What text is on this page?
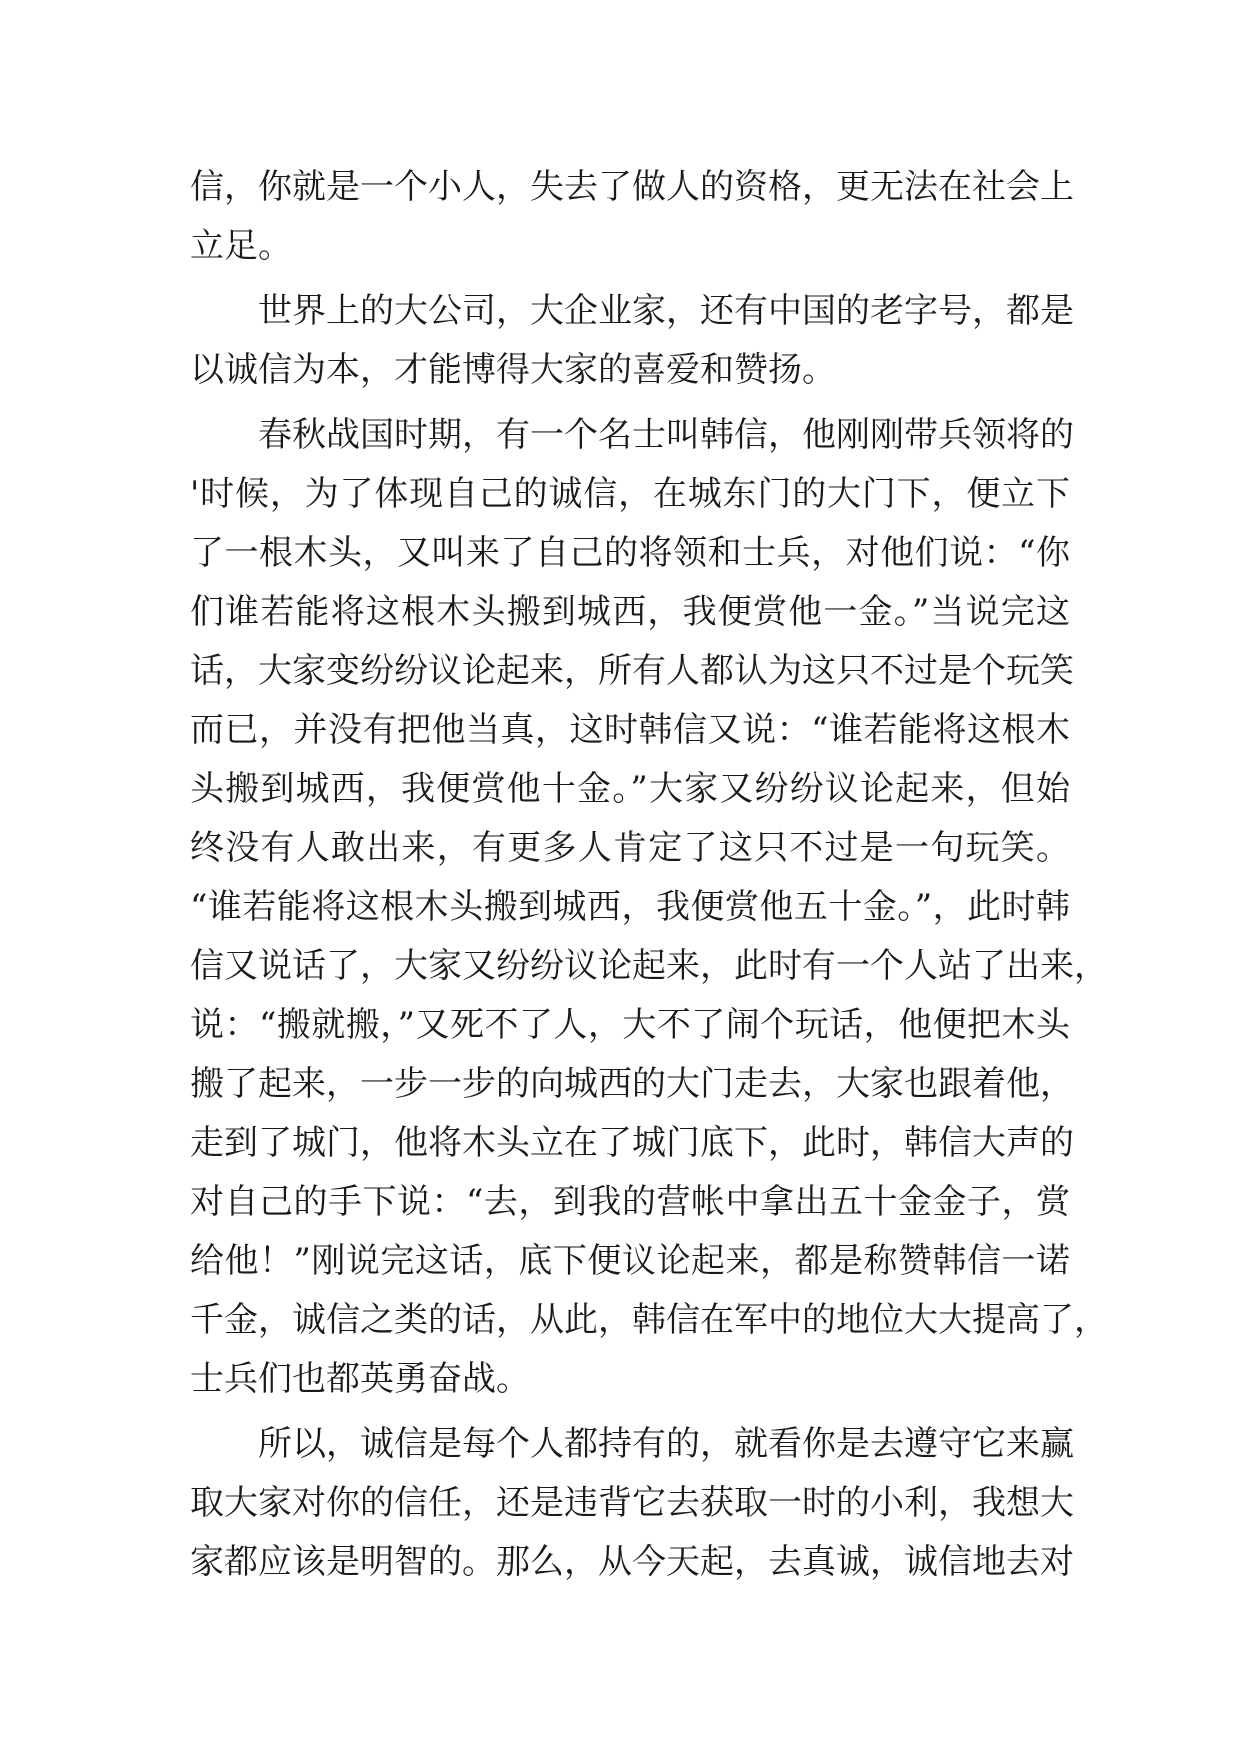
信，你就是一个小人，失去了做人的资格，更无法在社会上
立足。
世界上的大公司，大企业家，还有中国的老字号，都是
以诚信为本，才能博得大家的喜爱和赞扬。
春秋战国时期，有一个名士叫韩信，他刚刚带兵领将的
'时候，为了体现自己的诚信，在城东门的大门下，便立下
了一根木头，又叫来了自己的将领和士兵，对他们说：“你
们谁若能将这根木头搬到城西，我便赏他一金。”当说完这
话，大家变纷纷议论起来，所有人都认为这只不过是个玩笑
而已，并没有把他当真，这时韩信又说：“谁若能将这根木
头搬到城西，我便赏他十金。”大家又纷纷议论起来，但始
终没有人敢出来，有更多人肯定了这只不过是一句玩笑。
“谁若能将这根木头搬到城西，我便赏他五十金。”，此时韩
信又说话了，大家又纷纷议论起来，此时有一个人站了出来，
说：“搬就搬，”又死不了人，大不了闹个玩话，他便把木头
搬了起来，一步一步的向城西的大门走去，大家也跟着他，
走到了城门，他将木头立在了城门底下，此时，韩信大声的
对自己的手下说：“去，到我的营帐中拿出五十金金子，赏
给他！”刚说完这话，底下便议论起来，都是称赞韩信一诺
千金，诚信之类的话，从此，韩信在军中的地位大大提高了，
士兵们也都英勇奋战。
所以，诚信是每个人都持有的，就看你是去遵守它来赢
取大家对你的信任，还是违背它去获取一时的小利，我想大
家都应该是明智的。那么，从今天起，去真诚，诚信地去对
